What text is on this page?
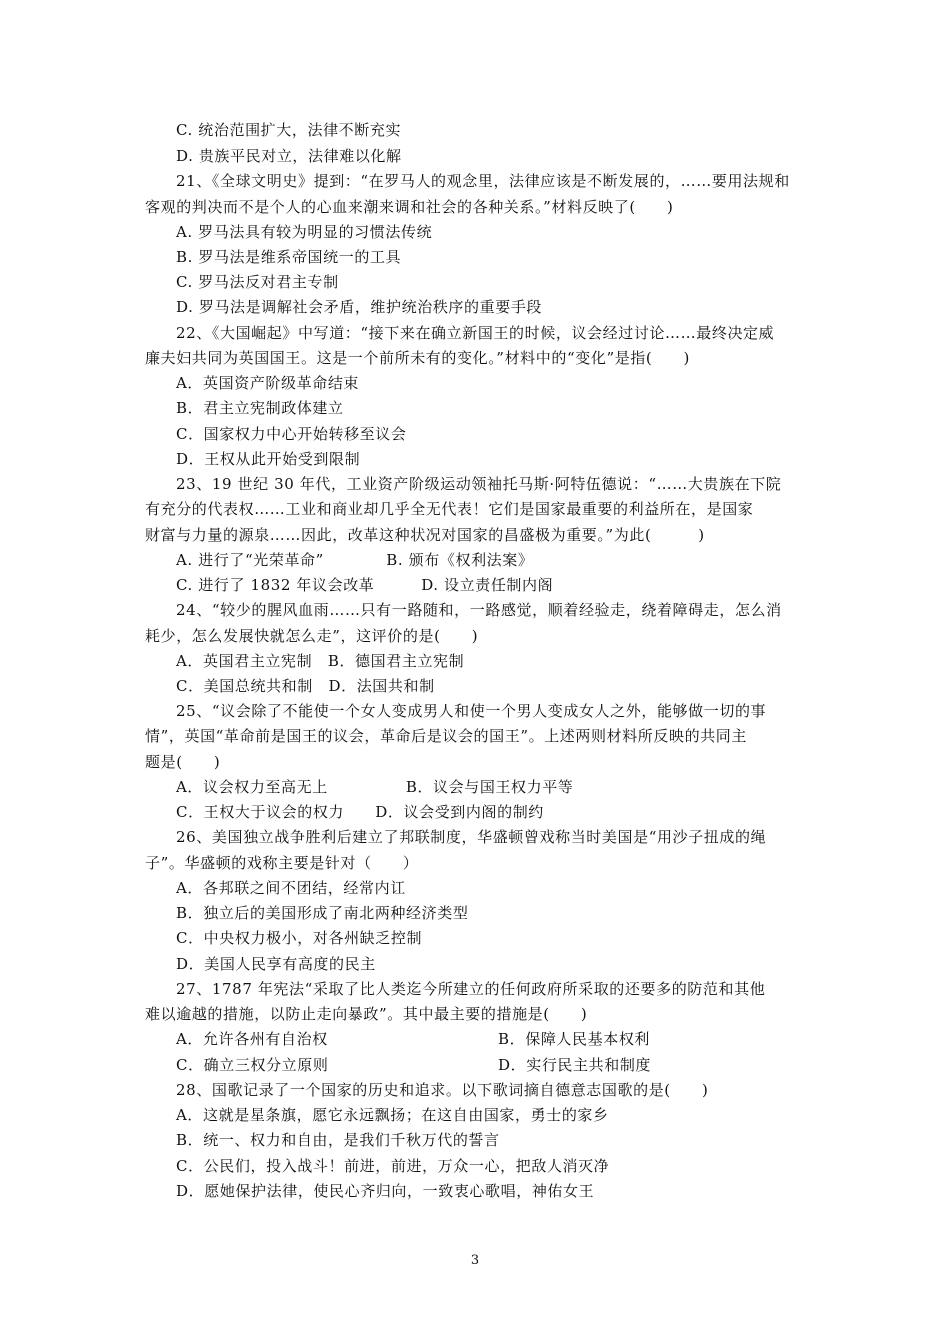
C. 统治范围扩大，法律不断充实
D. 贵族平民对立，法律难以化解
21、《全球文明史》提到：“在罗马人的观念里，法律应该是不断发展的，……要用法规和
客观的判决而不是个人的心血来潮来调和社会的各种关系。”材料反映了(　　)
A. 罗马法具有较为明显的习惯法传统
B. 罗马法是维系帝国统一的工具
C. 罗马法反对君主专制
D. 罗马法是调解社会矛盾，维护统治秩序的重要手段
22、《大国崛起》中写道：“接下来在确立新国王的时候，议会经过讨论……最终决定威
廉夫妇共同为英国国王。这是一个前所未有的变化。”材料中的“变化”是指(　　)
A．英国资产阶级革命结束
B．君主立宪制政体建立
C．国家权力中心开始转移至议会
D．王权从此开始受到限制
23、19 世纪 30 年代，工业资产阶级运动领袖托马斯·阿特伍德说：“……大贵族在下院
有充分的代表权……工业和商业却几乎全无代表！它们是国家最重要的利益所在，是国家
财富与力量的源泉……因此，改革这种状况对国家的昌盛极为重要。”为此(　　　)
A. 进行了“光荣革命”　　　　B. 颁布《权利法案》
C. 进行了 1832 年议会改革　　　D. 设立责任制内阁
24、“较少的腥风血雨……只有一路随和，一路感觉，顺着经验走，绕着障碍走，怎么消
耗少，怎么发展快就怎么走”，这评价的是(　　)
A．英国君主立宪制　B．德国君主立宪制
C．美国总统共和制　D．法国共和制
25、“议会除了不能使一个女人变成男人和使一个男人变成女人之外，能够做一切的事
情”，英国“革命前是国王的议会，革命后是议会的国王”。上述两则材料所反映的共同主
题是(　　)
A．议会权力至高无上　　　　　B．议会与国王权力平等
C．王权大于议会的权力　　D．议会受到内阁的制约
26、美国独立战争胜利后建立了邦联制度，华盛顿曾戏称当时美国是“用沙子扭成的绳
子”。华盛顿的戏称主要是针对（　　）
A．各邦联之间不团结，经常内讧
B．独立后的美国形成了南北两种经济类型
C．中央权力极小，对各州缺乏控制
D．美国人民享有高度的民主
27、1787 年宪法“采取了比人类迄今所建立的任何政府所采取的还要多的防范和其他
难以逾越的措施，以防止走向暴政”。其中最主要的措施是(　　)
A．允许各州有自治权	B．保障人民基本权利
C．确立三权分立原则	D．实行民主共和制度
28、国歌记录了一个国家的历史和追求。以下歌词摘自德意志国歌的是(　　)
A．这就是星条旗，愿它永远飘扬；在这自由国家，勇士的家乡
B．统一、权力和自由，是我们千秋万代的誓言
C．公民们，投入战斗！前进，前进，万众一心，把敌人消灭净
D．愿她保护法律，使民心齐归向，一致衷心歌唱，神佑女王
3
